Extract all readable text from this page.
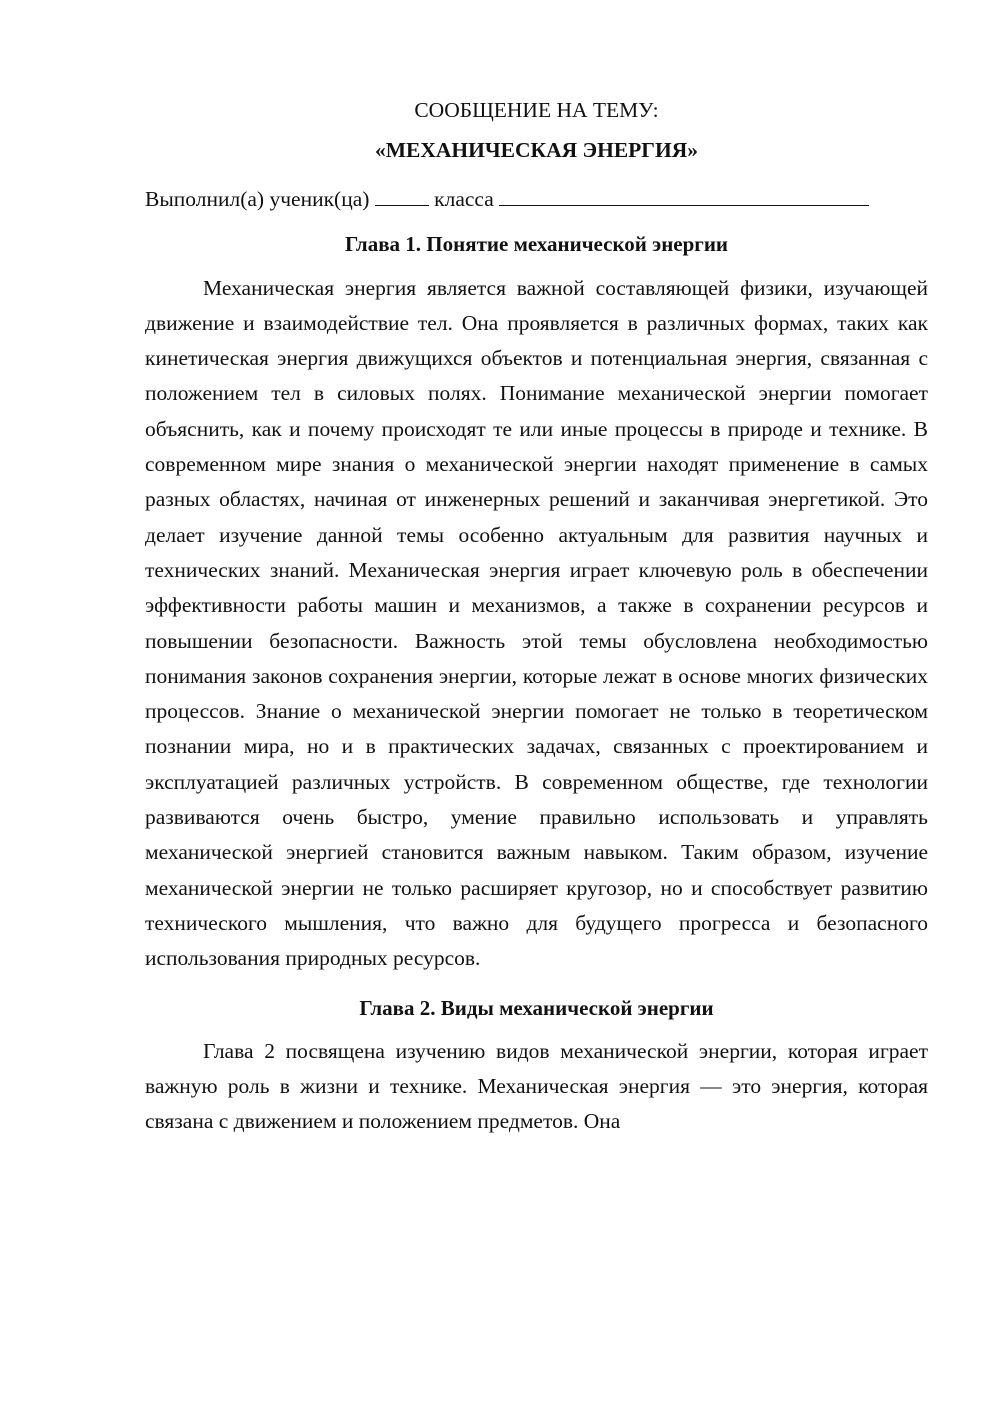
СООБЩЕНИЕ НА ТЕМУ:

«МЕХАНИЧЕСКАЯ ЭНЕРГИЯ»

Выполнил(а) ученик(ца)	класса

Глава 1. Понятие механической энергии

Механическая энергия является важной составляющей физики, изучающей движение и взаимодействие тел. Она проявляется в различных формах, таких как кинетическая энергия движущихся объектов и потенциальная энергия, связанная с положением тел в силовых полях. Понимание механической энергии помогает объяснить, как и почему происходят те или иные процессы в природе и технике. В современном мире знания о механической энергии находят применение в самых разных областях, начиная от инженерных решений и заканчивая энергетикой. Это делает изучение данной темы особенно актуальным для развития научных и технических знаний. Механическая энергия играет ключевую роль в обеспечении эффективности работы машин и механизмов, а также в сохранении ресурсов и повышении безопасности. Важность этой темы обусловлена необходимостью понимания законов сохранения энергии, которые лежат в основе многих физических процессов. Знание о механической энергии помогает не только в теоретическом познании мира, но и в практических задачах, связанных с проектированием и эксплуатацией различных устройств. В современном обществе, где технологии развиваются очень быстро, умение правильно использовать и управлять механической энергией становится важным навыком. Таким образом, изучение механической энергии не только расширяет кругозор, но и способствует развитию технического мышления, что важно для будущего прогресса и безопасного использования природных ресурсов.

Глава 2. Виды механической энергии

Глава 2 посвящена изучению видов механической энергии, которая играет важную роль в жизни и технике. Механическая энергия — это энергия, которая связана с движением и положением предметов. Она
